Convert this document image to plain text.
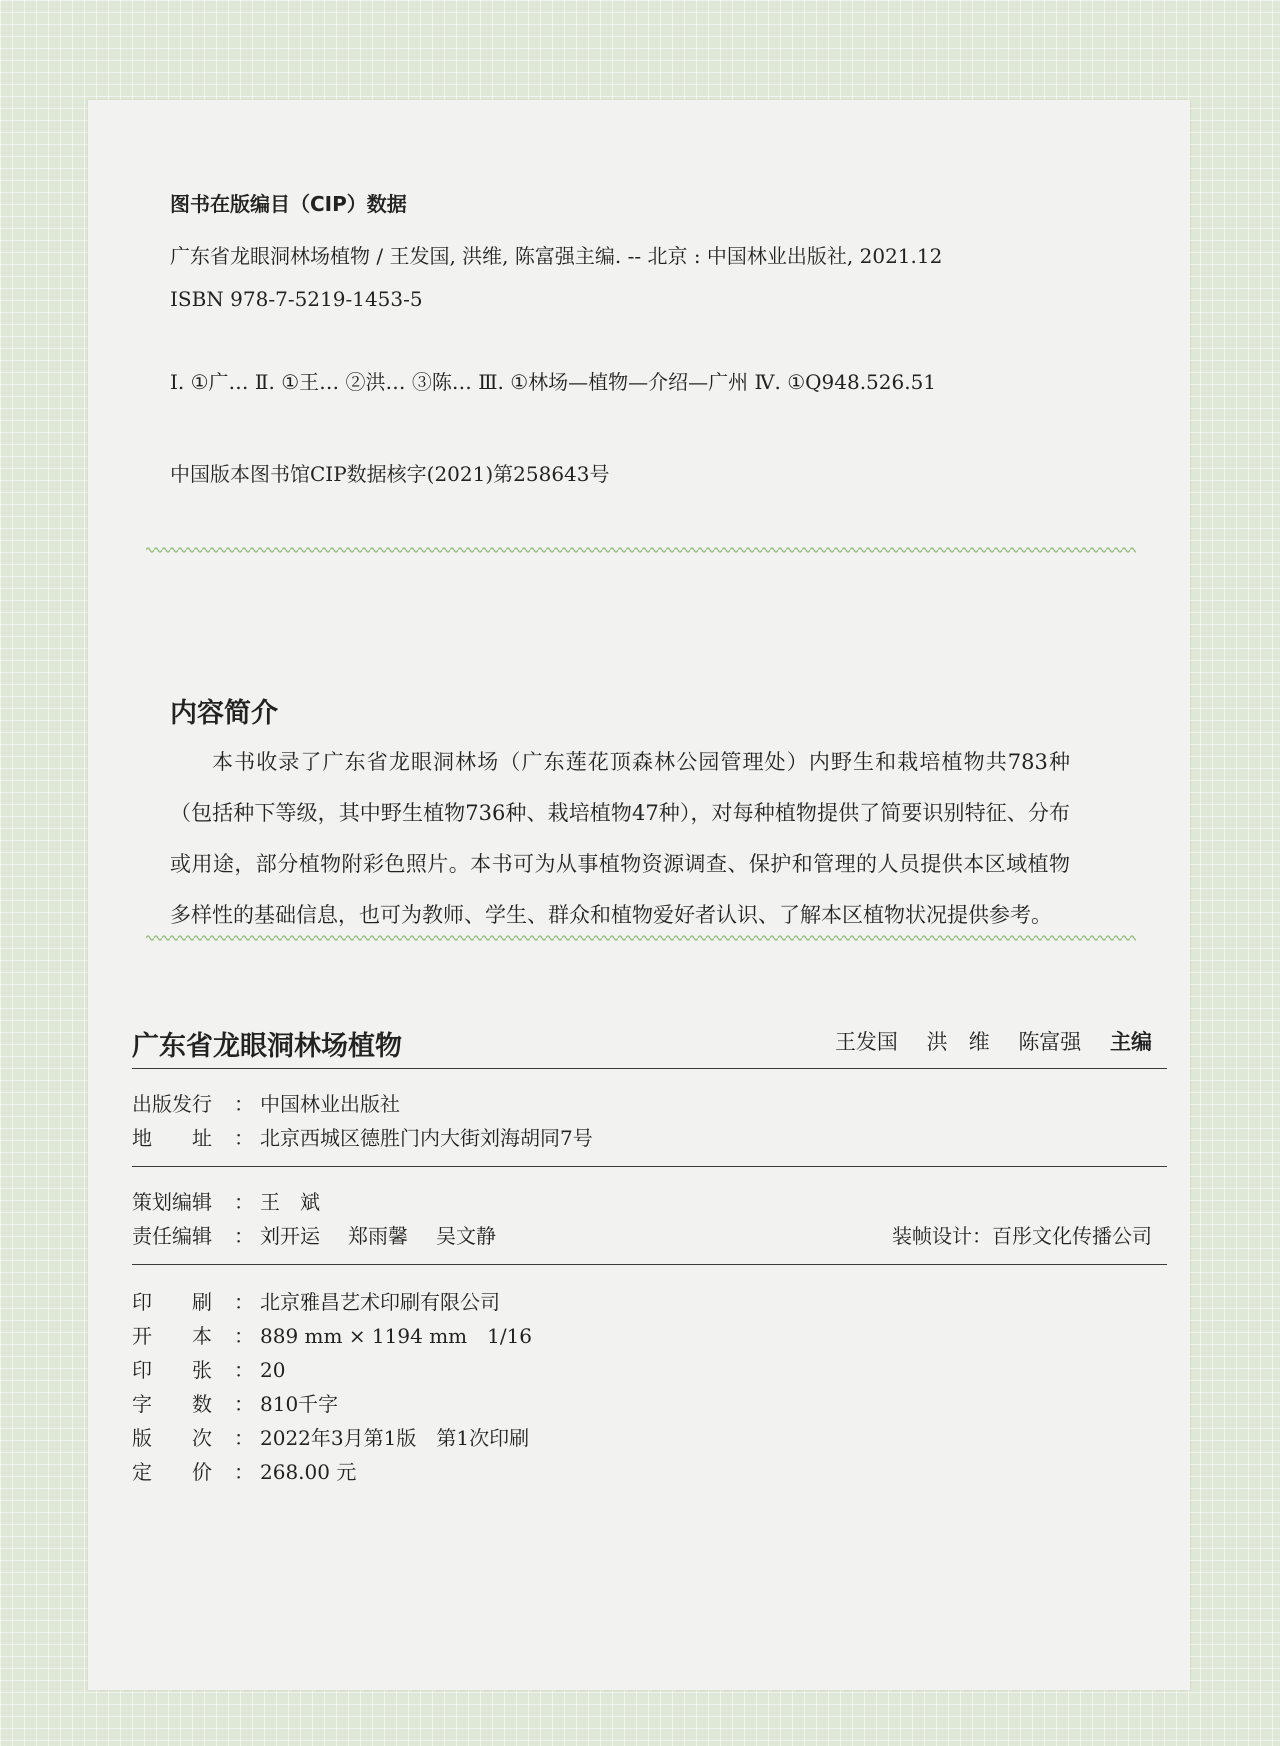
图书在版编目（CIP）数据
广东省龙眼洞林场植物 / 王发国, 洪维, 陈富强主编. -- 北京 : 中国林业出版社, 2021.12
ISBN 978-7-5219-1453-5
Ⅰ. ①广… Ⅱ. ①王… ②洪… ③陈… Ⅲ. ①林场—植物—介绍—广州 Ⅳ. ①Q948.526.51
中国版本图书馆CIP数据核字(2021)第258643号
内容简介
本书收录了广东省龙眼洞林场（广东莲花顶森林公园管理处）内野生和栽培植物共783种（包括种下等级，其中野生植物736种、栽培植物47种），对每种植物提供了简要识别特征、分布或用途，部分植物附彩色照片。本书可为从事植物资源调查、保护和管理的人员提供本区域植物多样性的基础信息，也可为教师、学生、群众和植物爱好者认识、了解本区植物状况提供参考。
广东省龙眼洞林场植物	王发国 洪　维 陈富强 主编
出版发行 ： 中国林业出版社
地　　址 ： 北京西城区德胜门内大街刘海胡同7号
策划编辑 ： 王　斌
责任编辑 ： 刘开运 郑雨馨 吴文静	装帧设计：百彤文化传播公司
印　　刷 ： 北京雅昌艺术印刷有限公司
开　　本 ： 889 mm × 1194 mm　1/16
印　　张 ： 20
字　　数 ： 810千字
版　　次 ： 2022年3月第1版　第1次印刷
定　　价 ： 268.00 元
